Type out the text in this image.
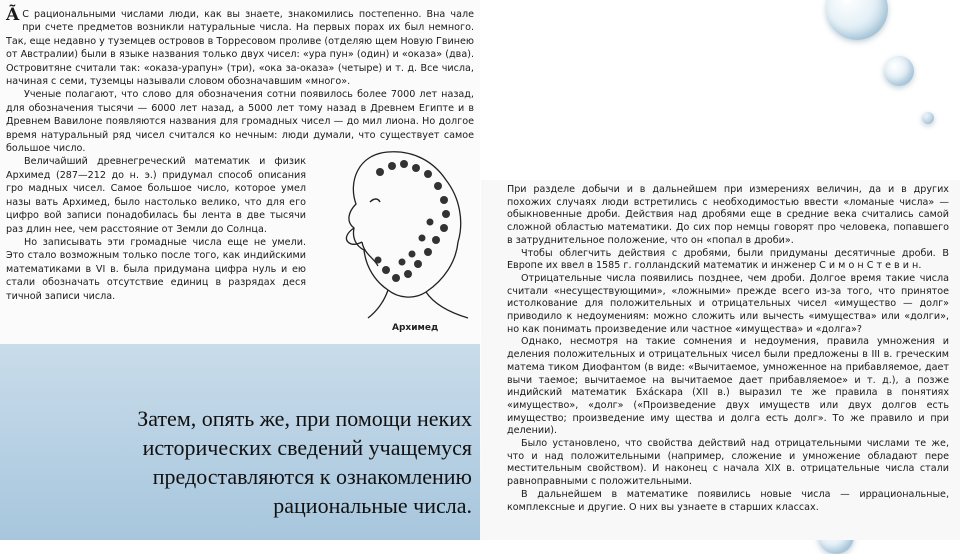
Ã С рациональными числами люди, как вы знаете, знакомились постепенно. Вна чале при счете предметов возникли натуральные числа. На первых порах их был немного. Так, еще недавно у туземцев островов в Торресовом проливе (отделяю щем Новую Гвинею от Австралии) были в языке названия только двух чисел: «ура пун» (один) и «оказа» (два). Островитяне считали так: «оказа-урапун» (три), «ока за-оказа» (четыре) и т. д. Все числа, начиная с семи, туземцы называли словом обозначавшим «много».

Ученые полагают, что слово для обозначения сотни появилось более 7000 лет назад, для обозначения тысячи — 6000 лет назад, а 5000 лет тому назад в Древнем Египте и в Древнем Вавилоне появляются названия для громадных чисел — до мил лиона. Но долгое время натуральный ряд чисел считался ко нечным: люди думали, что существует самое большое число.

Величайший древнегреческий математик и физик Архимед (287—212 до н. э.) придумал способ описания гро мадных чисел. Самое большое число, которое умел назы вать Архимед, было настолько велико, что для его цифро вой записи понадобилась бы лента в две тысячи раз длин нее, чем расстояние от Земли до Солнца.

Но записывать эти громадные числа еще не умели. Это стало возможным только после того, как индийскими математиками в VI в. была придумана цифра нуль и ею стали обозначать отсутствие единиц в разрядах деся тичной записи числа.

Архимед
Затем, опять же, при помощи неких исторических сведений учащемуся предоставляются к ознакомлению рациональные числа.

При разделе добычи и в дальнейшем при измерениях величин, да и в других похожих случаях люди встретились с необходимостью ввести «ломаные числа» — обыкновенные дроби. Действия над дробями еще в средние века считались самой сложной областью математики. До сих пор немцы говорят про человека, попавшего в затруднительное положение, что он «попал в дроби».

Чтобы облегчить действия с дробями, были придуманы десятичные дроби. В Европе их ввел в 1585 г. голландский математик и инженер С и м о н С т е в и н.

Отрицательные числа появились позднее, чем дроби. Долгое время такие числа считали «несуществующими», «ложными» прежде всего из-за того, что принятое истолкование для положительных и отрицательных чисел «имущество — долг» приводило к недоумениям: можно сложить или вычесть «имущества» или «долги», но как понимать произведение или частное «имущества» и «долга»?

Однако, несмотря на такие сомнения и недоумения, правила умножения и деления положительных и отрицательных чисел были предложены в III в. греческим матема тиком Диофантом (в виде: «Вычитаемое, умноженное на прибавляемое, дает вычи таемое; вычитаемое на вычитаемое дает прибавляемое» и т. д.), а позже индийский математик Бхáскара (XII в.) выразил те же правила в понятиях «имущество», «долг» («Произведение двух имуществ или двух долгов есть имущество; произведение иму щества и долга есть долг». То же правило и при делении).

Было установлено, что свойства действий над отрицательными числами те же, что и над положительными (например, сложение и умножение обладают пере местительным свойством). И наконец с начала XIX в. отрицательные числа стали равноправными с положительными.

В дальнейшем в математике появились новые числа — иррациональные, комплексные и другие. О них вы узнаете в старших классах.
